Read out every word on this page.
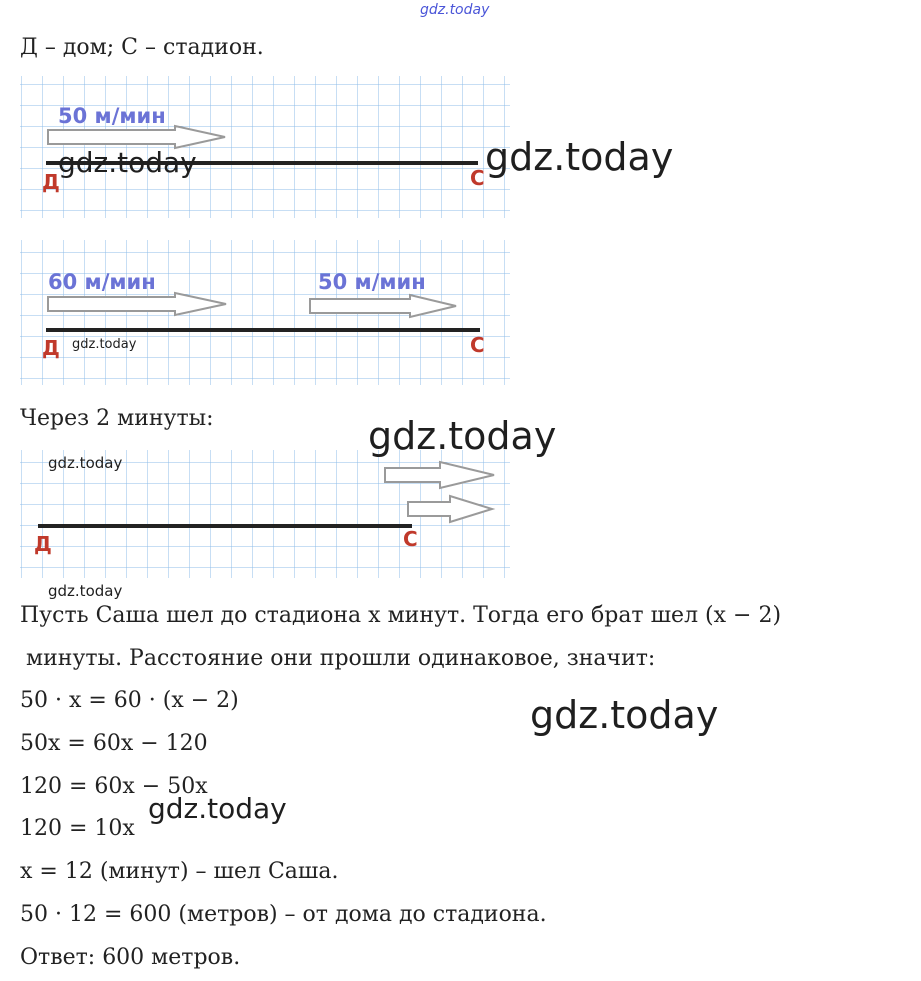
gdz.today
Д – дом; С – стадион.
50 м/мин
Д	С
gdz.today	gdz.today
60 м/мин	50 м/мин
Д	С
gdz.today
Через 2 минуты:	gdz.today
gdz.today
Д	С
gdz.today
Пусть Саша шел до стадиона x минут. Тогда его брат шел (x − 2)
минуты. Расстояние они прошли одинаковое, значит:
50 · x = 60 · (x − 2)
50x = 60x − 120
120 = 60x − 50x
120 = 10x
x = 12 (минут) – шел Саша.
50 · 12 = 600 (метров) – от дома до стадиона.
Ответ: 600 метров.
gdz.today
gdz.today
